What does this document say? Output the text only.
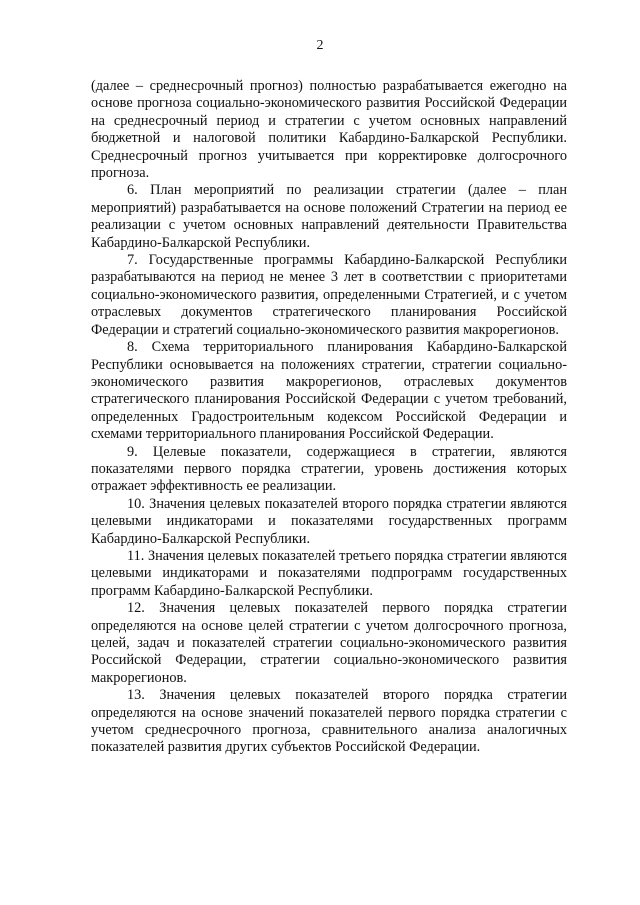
2

(далее – среднесрочный прогноз) полностью разрабатывается ежегодно на основе прогноза социально-экономического развития Российской Федерации на среднесрочный период и стратегии с учетом основных направлений бюджетной и налоговой политики Кабардино-Балкарской Республики. Среднесрочный прогноз учитывается при корректировке долгосрочного прогноза.

6. План мероприятий по реализации стратегии (далее – план мероприятий) разрабатывается на основе положений Стратегии на период ее реализации с учетом основных направлений деятельности Правительства Кабардино-Балкарской Республики.

7. Государственные программы Кабардино-Балкарской Республики разрабатываются на период не менее 3 лет в соответствии с приоритетами социально-экономического развития, определенными Стратегией, и с учетом отраслевых документов стратегического планирования Российской Федерации и стратегий социально-экономического развития макрорегионов.

8. Схема территориального планирования Кабардино-Балкарской Республики основывается на положениях стратегии, стратегии социально-экономического развития макрорегионов, отраслевых документов стратегического планирования Российской Федерации с учетом требований, определенных Градостроительным кодексом Российской Федерации и схемами территориального планирования Российской Федерации.

9. Целевые показатели, содержащиеся в стратегии, являются показателями первого порядка стратегии, уровень достижения которых отражает эффективность ее реализации.

10. Значения целевых показателей второго порядка стратегии являются целевыми индикаторами и показателями государственных программ Кабардино-Балкарской Республики.

11. Значения целевых показателей третьего порядка стратегии являются целевыми индикаторами и показателями подпрограмм государственных программ Кабардино-Балкарской Республики.

12. Значения целевых показателей первого порядка стратегии определяются на основе целей стратегии с учетом долгосрочного прогноза, целей, задач и показателей стратегии социально-экономического развития Российской Федерации, стратегии социально-экономического развития макрорегионов.

13. Значения целевых показателей второго порядка стратегии определяются на основе значений показателей первого порядка стратегии с учетом среднесрочного прогноза, сравнительного анализа аналогичных показателей развития других субъектов Российской Федерации.
